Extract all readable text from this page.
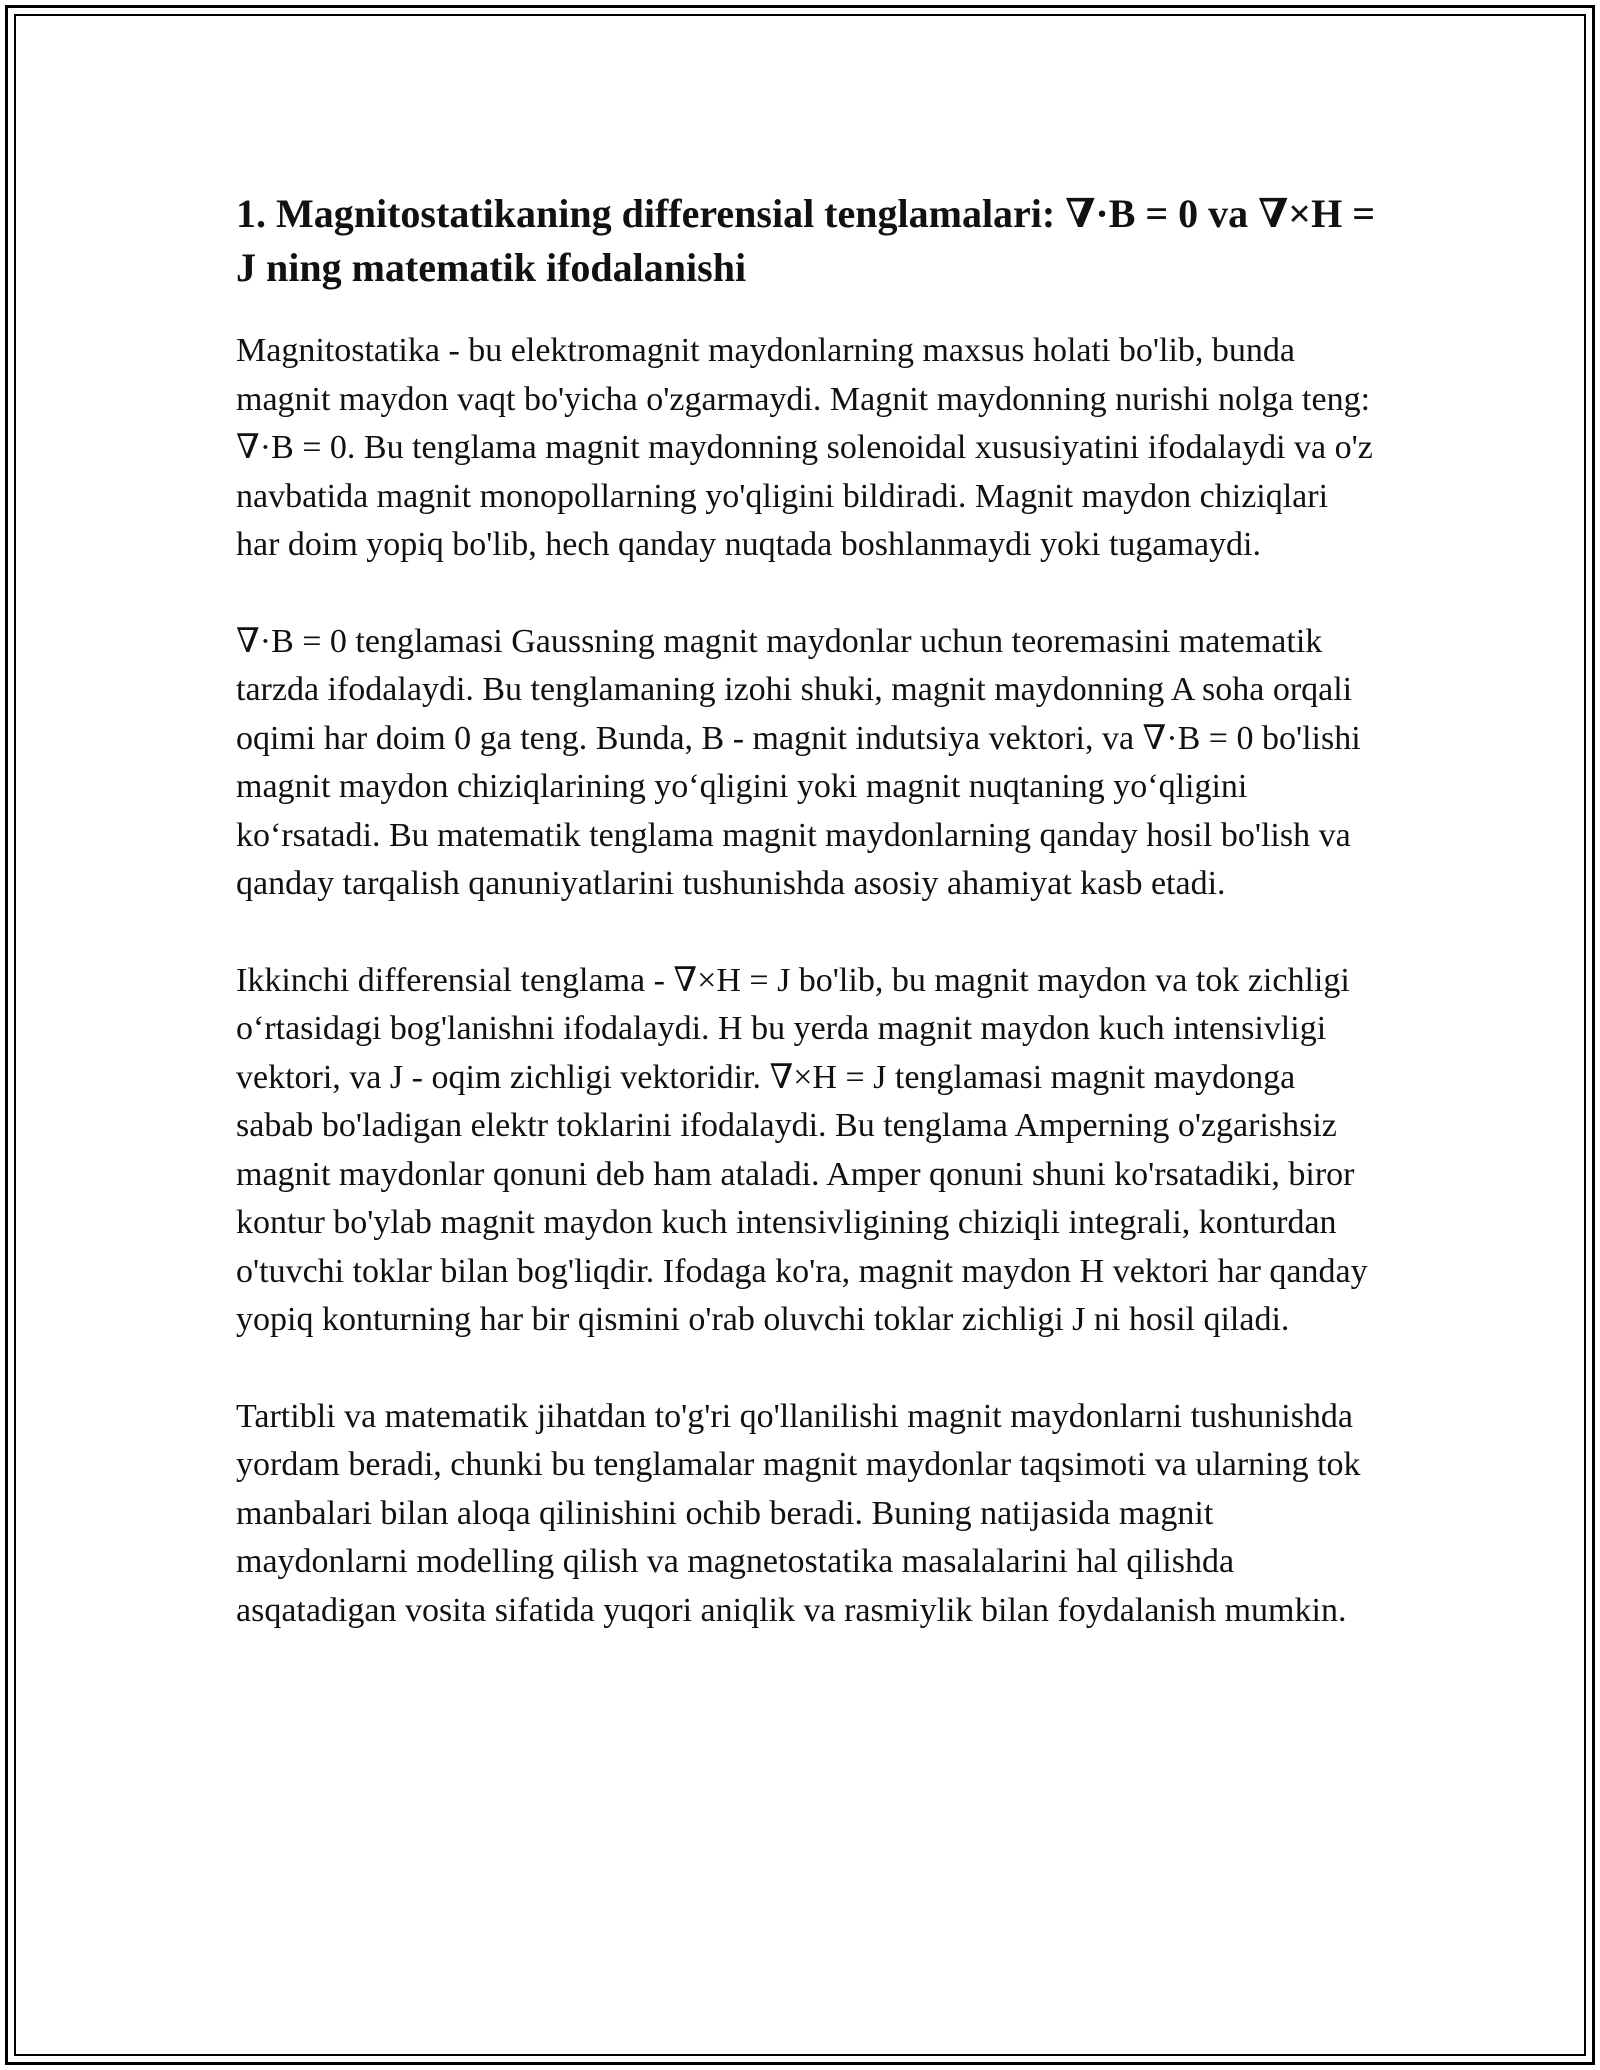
1. Magnitostatikaning differensial tenglamalari: ∇·B = 0 va ∇×H = J ning matematik ifodalanishi

Magnitostatika - bu elektromagnit maydonlarning maxsus holati bo'lib, bunda magnit maydon vaqt bo'yicha o'zgarmaydi. Magnit maydonning nurishi nolga teng: ∇·B = 0. Bu tenglama magnit maydonning solenoidal xususiyatini ifodalaydi va o'z navbatida magnit monopollarning yo'qligini bildiradi. Magnit maydon chiziqlari har doim yopiq bo'lib, hech qanday nuqtada boshlanmaydi yoki tugamaydi.

∇·B = 0 tenglamasi Gaussning magnit maydonlar uchun teoremasini matematik tarzda ifodalaydi. Bu tenglamaning izohi shuki, magnit maydonning A soha orqali oqimi har doim 0 ga teng. Bunda, B - magnit indutsiya vektori, va ∇·B = 0 bo'lishi magnit maydon chiziqlarining yo‘qligini yoki magnit nuqtaning yo‘qligini ko‘rsatadi. Bu matematik tenglama magnit maydonlarning qanday hosil bo'lish va qanday tarqalish qanuniyatlarini tushunishda asosiy ahamiyat kasb etadi.

Ikkinchi differensial tenglama - ∇×H = J bo'lib, bu magnit maydon va tok zichligi o‘rtasidagi bog'lanishni ifodalaydi. H bu yerda magnit maydon kuch intensivligi vektori, va J - oqim zichligi vektoridir. ∇×H = J tenglamasi magnit maydonga sabab bo'ladigan elektr toklarini ifodalaydi. Bu tenglama Amperning o'zgarishsiz magnit maydonlar qonuni deb ham ataladi. Amper qonuni shuni ko'rsatadiki, biror kontur bo'ylab magnit maydon kuch intensivligining chiziqli integrali, konturdan o'tuvchi toklar bilan bog'liqdir. Ifodaga ko'ra, magnit maydon H vektori har qanday yopiq konturning har bir qismini o'rab oluvchi toklar zichligi J ni hosil qiladi.

Tartibli va matematik jihatdan to'g'ri qo'llanilishi magnit maydonlarni tushunishda yordam beradi, chunki bu tenglamalar magnit maydonlar taqsimoti va ularning tok manbalari bilan aloqa qilinishini ochib beradi. Buning natijasida magnit maydonlarni modelling qilish va magnetostatika masalalarini hal qilishda asqatadigan vosita sifatida yuqori aniqlik va rasmiylik bilan foydalanish mumkin.
